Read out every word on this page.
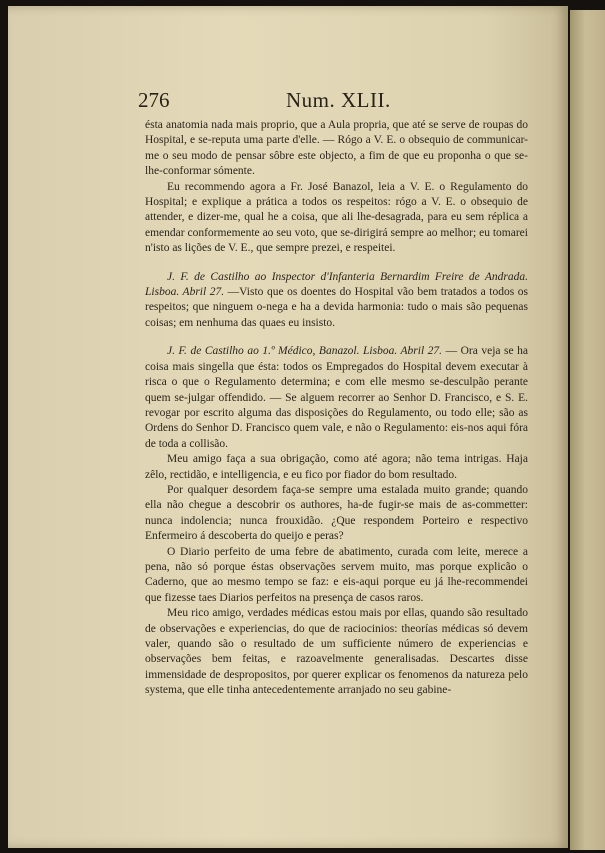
276	Num. XLII.

ésta anatomia nada mais proprio, que a Aula propria, que até se serve de roupas do Hospital, e se-reputa uma parte d'elle. — Rógo a V. E. o obsequio de communicar-me o seu modo de pensar sôbre este objecto, a fim de que eu proponha o que se-lhe-conformar sómente.

Eu recommendo agora a Fr. José Banazol, leia a V. E. o Regulamento do Hospital; e explique a prática a todos os respeitos: rógo a V. E. o obsequio de attender, e dizer-me, qual he a coisa, que ali lhe-desagrada, para eu sem réplica a emendar conformemente ao seu voto, que se-dirigirá sempre ao melhor; eu tomarei n'isto as lições de V. E., que sempre prezei, e respeitei.

J. F. de Castilho ao Inspector d'Infanteria Bernardim Freire de Andrada. Lisboa. Abril 27. —Visto que os doentes do Hospital vão bem tratados a todos os respeitos; que ninguem o-nega e ha a devida harmonia: tudo o mais são pequenas coisas; em nenhuma das quaes eu insisto.

J. F. de Castilho ao 1.º Médico, Banazol. Lisboa. Abril 27. — Ora veja se ha coisa mais singella que ésta: todos os Empregados do Hospital devem executar à risca o que o Regulamento determina; e com elle mesmo se-desculpão perante quem se-julgar offendido. — Se alguem recorrer ao Senhor D. Francisco, e S. E. revogar por escrito alguma das disposições do Regulamento, ou todo elle; são as Ordens do Senhor D. Francisco quem vale, e não o Regulamento: eis-nos aqui fóra de toda a collisão.

Meu amigo faça a sua obrigação, como até agora; não tema intrigas. Haja zêlo, rectidão, e intelligencia, e eu fico por fiador do bom resultado.

Por qualquer desordem faça-se sempre uma estalada muito grande; quando ella não chegue a descobrir os authores, ha-de fugir-se mais de as-commetter: nunca indolencia; nunca frouxidão. ¿Que respondem Porteiro e respectivo Enfermeiro á descoberta do queijo e peras?

O Diario perfeito de uma febre de abatimento, curada com leite, merece a pena, não só porque éstas observações servem muito, mas porque explicão o Caderno, que ao mesmo tempo se faz: e eis-aqui porque eu já lhe-recommendei que fizesse taes Diarios perfeitos na presença de casos raros.

Meu rico amigo, verdades médicas estou mais por ellas, quando são resultado de observações e experiencias, do que de raciocinios: theorías médicas só devem valer, quando são o resultado de um sufficiente número de experiencias e observações bem feitas, e razoavelmente generalisadas. Descartes disse immensidade de despropositos, por querer explicar os fenomenos da natureza pelo systema, que elle tinha antecedentemente arranjado no seu gabine-
